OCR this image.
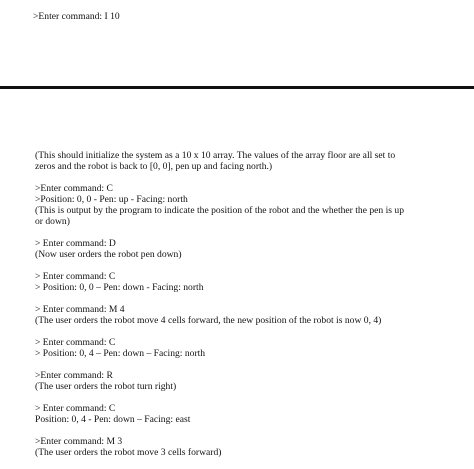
>Enter command: I 10

(This should initialize the system as a 10 x 10 array. The values of the array floor are all set to
zeros and the robot is back to [0, 0], pen up and facing north.)
>Enter command: C
>Position: 0, 0 - Pen: up - Facing: north
(This is output by the program to indicate the position of the robot and the whether the pen is up
or down)
> Enter command: D
(Now user orders the robot pen down)
> Enter command: C
> Position: 0, 0 – Pen: down - Facing: north
> Enter command: M 4
(The user orders the robot move 4 cells forward, the new position of the robot is now 0, 4)
> Enter command: C
> Position: 0, 4 – Pen: down – Facing: north
>Enter command: R
(The user orders the robot turn right)
> Enter command: C
Position: 0, 4 - Pen: down – Facing: east
>Enter command: M 3
(The user orders the robot move 3 cells forward)
